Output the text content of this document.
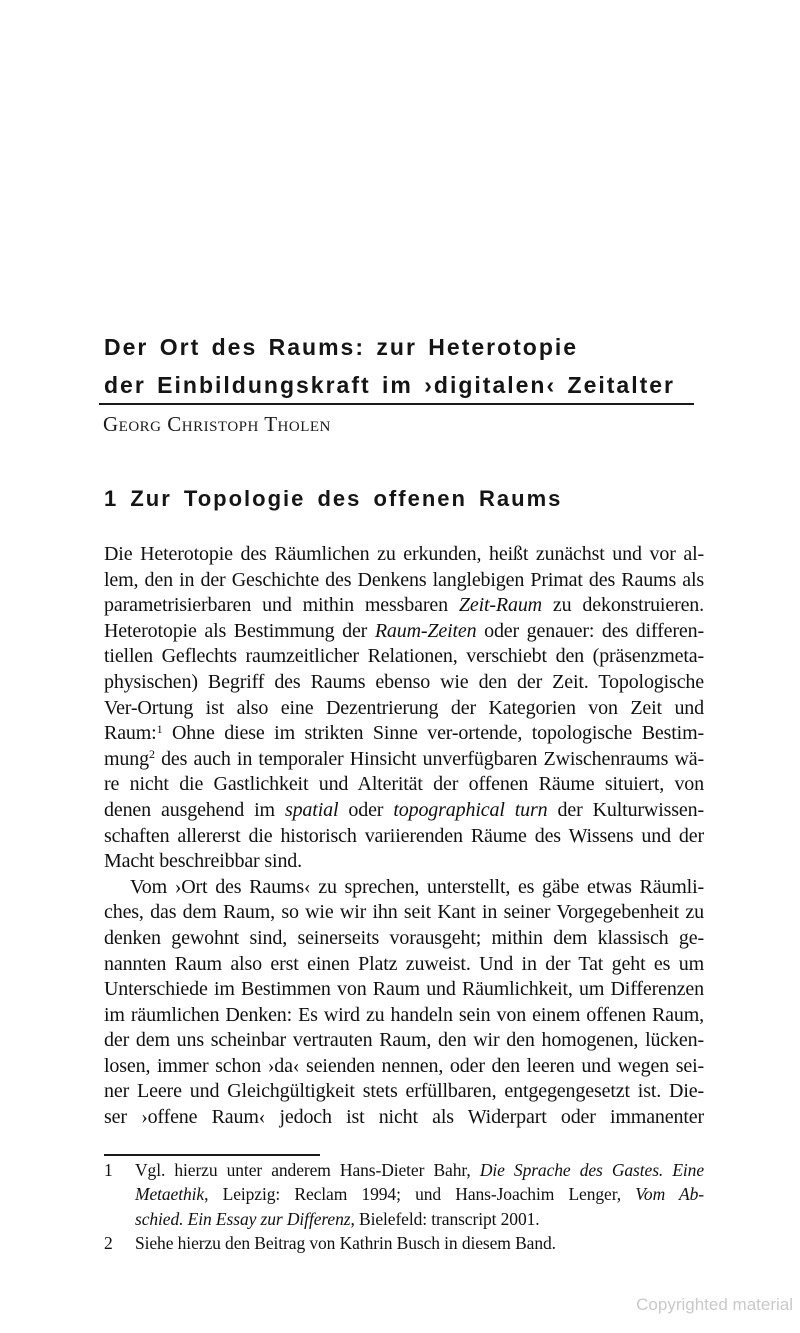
Der Ort des Raums: zur Heterotopie
der Einbildungskraft im ›digitalen‹ Zeitalter
Georg Christoph Tholen
1 Zur Topologie des offenen Raums
Die Heterotopie des Räumlichen zu erkunden, heißt zunächst und vor al-
lem, den in der Geschichte des Denkens langlebigen Primat des Raums als
parametrisierbaren und mithin messbaren Zeit-Raum zu dekonstruieren.
Heterotopie als Bestimmung der Raum-Zeiten oder genauer: des differen-
tiellen Geflechts raumzeitlicher Relationen, verschiebt den (präsenzmeta-
physischen) Begriff des Raums ebenso wie den der Zeit. Topologische
Ver-Ortung ist also eine Dezentrierung der Kategorien von Zeit und
Raum:$^1$ Ohne diese im strikten Sinne ver-ortende, topologische Bestim-
mung$^2$ des auch in temporaler Hinsicht unverfügbaren Zwischenraums wä-
re nicht die Gastlichkeit und Alterität der offenen Räume situiert, von
denen ausgehend im spatial oder topographical turn der Kulturwissen-
schaften allererst die historisch variierenden Räume des Wissens und der
Macht beschreibbar sind.
Vom ›Ort des Raums‹ zu sprechen, unterstellt, es gäbe etwas Räumli-
ches, das dem Raum, so wie wir ihn seit Kant in seiner Vorgegebenheit zu
denken gewohnt sind, seinerseits vorausgeht; mithin dem klassisch ge-
nannten Raum also erst einen Platz zuweist. Und in der Tat geht es um
Unterschiede im Bestimmen von Raum und Räumlichkeit, um Differenzen
im räumlichen Denken: Es wird zu handeln sein von einem offenen Raum,
der dem uns scheinbar vertrauten Raum, den wir den homogenen, lücken-
losen, immer schon ›da‹ seienden nennen, oder den leeren und wegen sei-
ner Leere und Gleichgültigkeit stets erfüllbaren, entgegengesetzt ist. Die-
ser ›offene Raum‹ jedoch ist nicht als Widerpart oder immanenter
1	Vgl. hierzu unter anderem Hans-Dieter Bahr, Die Sprache des Gastes. Eine
Metaethik, Leipzig: Reclam 1994; und Hans-Joachim Lenger, Vom Ab-
schied. Ein Essay zur Differenz, Bielefeld: transcript 2001.
2	Siehe hierzu den Beitrag von Kathrin Busch in diesem Band.
Copyrighted material
